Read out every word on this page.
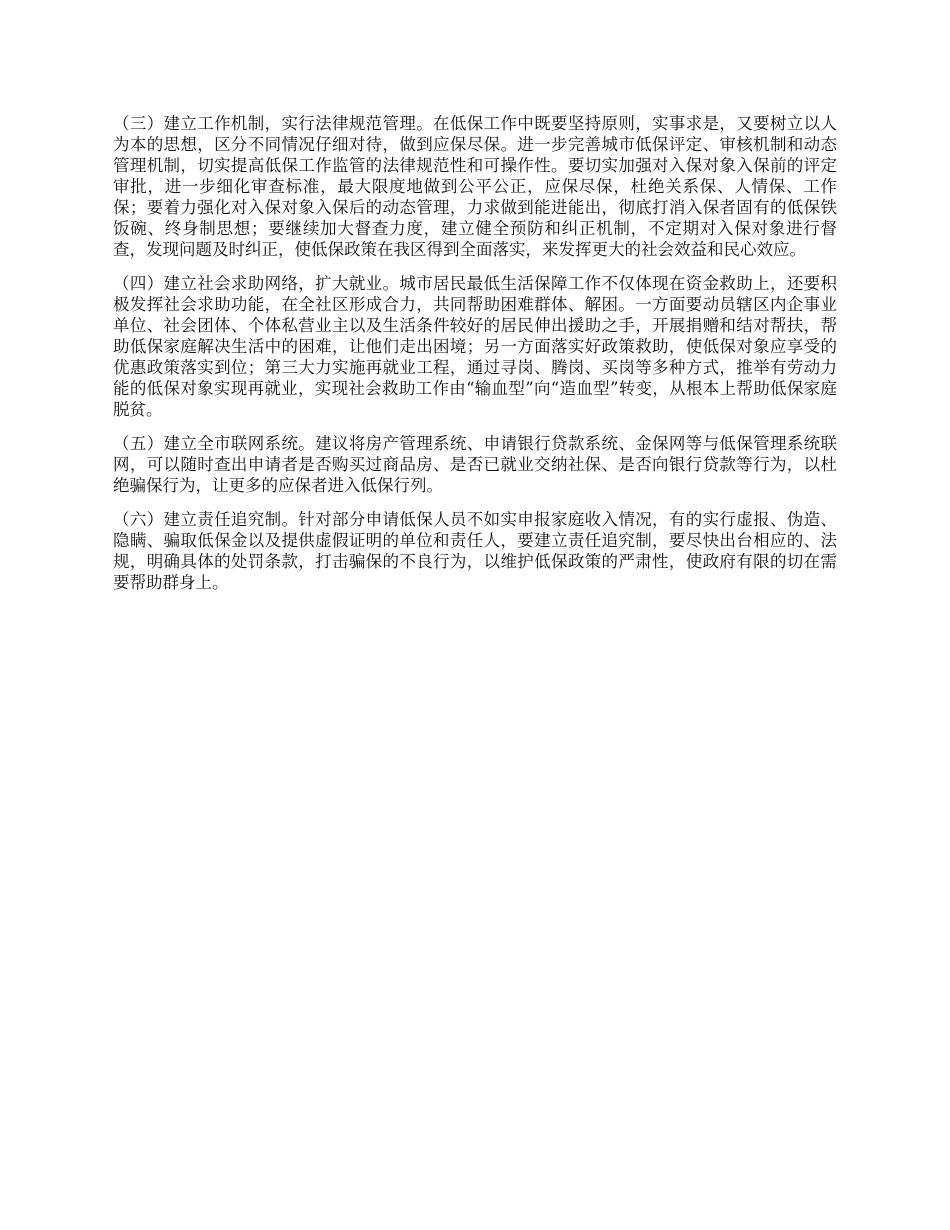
（三）建立工作机制，实行法律规范管理。在低保工作中既要坚持原则，实事求是，又要树立以人为本的思想，区分不同情况仔细对待，做到应保尽保。进一步完善城市低保评定、审核机制和动态管理机制，切实提高低保工作监管的法律规范性和可操作性。要切实加强对入保对象入保前的评定审批，进一步细化审查标准，最大限度地做到公平公正，应保尽保，杜绝关系保、人情保、工作保；要着力强化对入保对象入保后的动态管理，力求做到能进能出，彻底打消入保者固有的低保铁饭碗、终身制思想；要继续加大督查力度，建立健全预防和纠正机制，不定期对入保对象进行督查，发现问题及时纠正，使低保政策在我区得到全面落实，来发挥更大的社会效益和民心效应。

（四）建立社会求助网络，扩大就业。城市居民最低生活保障工作不仅体现在资金救助上，还要积极发挥社会求助功能，在全社区形成合力，共同帮助困难群体、解困。一方面要动员辖区内企事业单位、社会团体、个体私营业主以及生活条件较好的居民伸出援助之手，开展捐赠和结对帮扶，帮助低保家庭解决生活中的困难，让他们走出困境；另一方面落实好政策救助，使低保对象应享受的优惠政策落实到位；第三大力实施再就业工程，通过寻岗、腾岗、买岗等多种方式，推举有劳动力能的低保对象实现再就业，实现社会救助工作由“输血型”向“造血型”转变，从根本上帮助低保家庭脱贫。

（五）建立全市联网系统。建议将房产管理系统、申请银行贷款系统、金保网等与低保管理系统联网，可以随时查出申请者是否购买过商品房、是否已就业交纳社保、是否向银行贷款等行为，以杜绝骗保行为，让更多的应保者进入低保行列。

（六）建立责任追究制。针对部分申请低保人员不如实申报家庭收入情况，有的实行虚报、伪造、隐瞒、骗取低保金以及提供虚假证明的单位和责任人，要建立责任追究制，要尽快出台相应的、法规，明确具体的处罚条款，打击骗保的不良行为，以维护低保政策的严肃性，使政府有限的切在需要帮助群身上。
